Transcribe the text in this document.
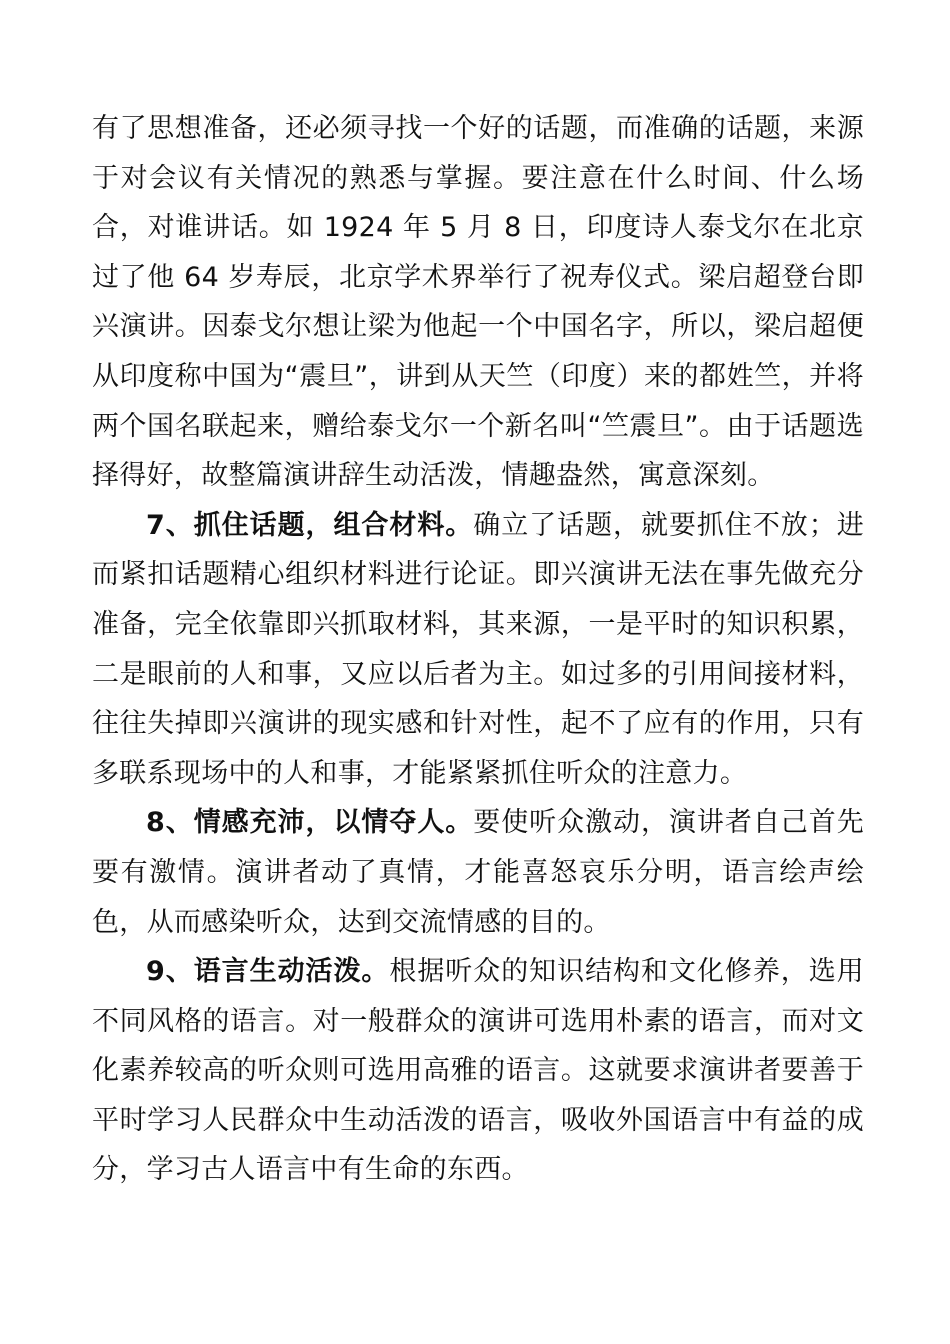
有了思想准备，还必须寻找一个好的话题，而准确的话题，来源于对会议有关情况的熟悉与掌握。要注意在什么时间、什么场合，对谁讲话。如 1924 年 5 月 8 日，印度诗人泰戈尔在北京过了他 64 岁寿辰，北京学术界举行了祝寿仪式。梁启超登台即兴演讲。因泰戈尔想让梁为他起一个中国名字，所以，梁启超便从印度称中国为“震旦”，讲到从天竺（印度）来的都姓竺，并将两个国名联起来，赠给泰戈尔一个新名叫“竺震旦”。由于话题选择得好，故整篇演讲辞生动活泼，情趣盎然，寓意深刻。

7、抓住话题，组合材料。确立了话题，就要抓住不放；进而紧扣话题精心组织材料进行论证。即兴演讲无法在事先做充分准备，完全依靠即兴抓取材料，其来源，一是平时的知识积累，二是眼前的人和事，又应以后者为主。如过多的引用间接材料，往往失掉即兴演讲的现实感和针对性，起不了应有的作用，只有多联系现场中的人和事，才能紧紧抓住听众的注意力。

8、情感充沛，以情夺人。要使听众激动，演讲者自己首先要有激情。演讲者动了真情，才能喜怒哀乐分明，语言绘声绘色，从而感染听众，达到交流情感的目的。

9、语言生动活泼。根据听众的知识结构和文化修养，选用不同风格的语言。对一般群众的演讲可选用朴素的语言，而对文化素养较高的听众则可选用高雅的语言。这就要求演讲者要善于平时学习人民群众中生动活泼的语言，吸收外国语言中有益的成分，学习古人语言中有生命的东西。
